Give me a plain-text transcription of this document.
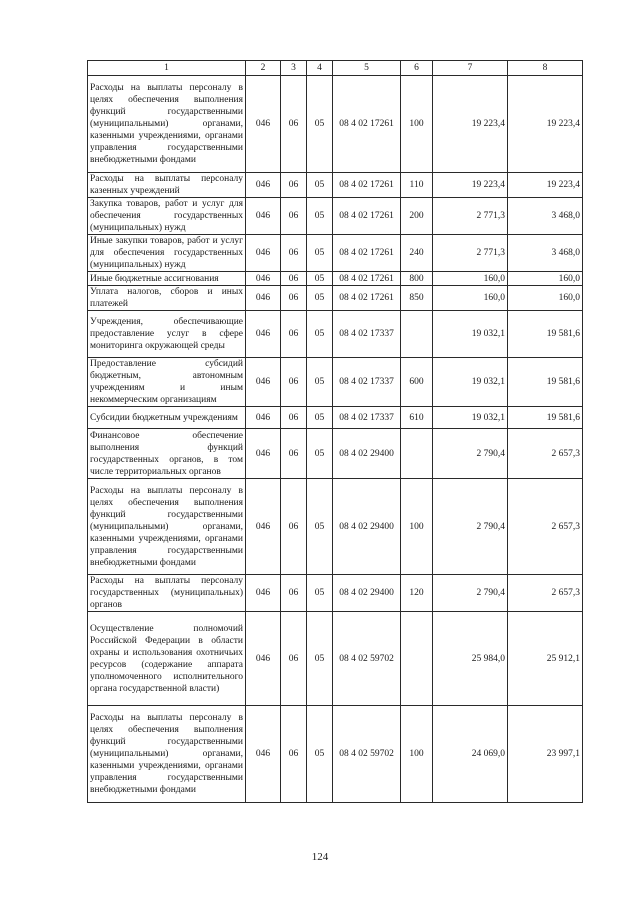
1	2	3	4	5	6	7	8
Расходы на выплаты персоналу в целях обеспечения выполнения функций государственными (муниципальными) органами, казенными учреждениями, органами управления государственными внебюджетными фондами	046	06	05	08 4 02 17261	100	19 223,4	19 223,4
Расходы на выплаты персоналу казенных учреждений	046	06	05	08 4 02 17261	110	19 223,4	19 223,4
Закупка товаров, работ и услуг для обеспечения государственных (муниципальных) нужд	046	06	05	08 4 02 17261	200	2 771,3	3 468,0
Иные закупки товаров, работ и услуг для обеспечения государственных (муниципальных) нужд	046	06	05	08 4 02 17261	240	2 771,3	3 468,0
Иные бюджетные ассигнования	046	06	05	08 4 02 17261	800	160,0	160,0
Уплата налогов, сборов и иных платежей	046	06	05	08 4 02 17261	850	160,0	160,0
Учреждения, обеспечивающие предоставление услуг в сфере мониторинга окружающей среды	046	06	05	08 4 02 17337		19 032,1	19 581,6
Предоставление субсидий бюджетным, автономным учреждениям и иным некоммерческим организациям	046	06	05	08 4 02 17337	600	19 032,1	19 581,6
Субсидии бюджетным учреждениям	046	06	05	08 4 02 17337	610	19 032,1	19 581,6
Финансовое обеспечение выполнения функций государственных органов, в том числе территориальных органов	046	06	05	08 4 02 29400		2 790,4	2 657,3
Расходы на выплаты персоналу в целях обеспечения выполнения функций государственными (муниципальными) органами, казенными учреждениями, органами управления государственными внебюджетными фондами	046	06	05	08 4 02 29400	100	2 790,4	2 657,3
Расходы на выплаты персоналу государственных (муниципальных) органов	046	06	05	08 4 02 29400	120	2 790,4	2 657,3
Осуществление полномочий Российской Федерации в области охраны и использования охотничьих ресурсов (содержание аппарата уполномоченного исполнительного органа государственной власти)	046	06	05	08 4 02 59702		25 984,0	25 912,1
Расходы на выплаты персоналу в целях обеспечения выполнения функций государственными (муниципальными) органами, казенными учреждениями, органами управления государственными внебюджетными фондами	046	06	05	08 4 02 59702	100	24 069,0	23 997,1
124
